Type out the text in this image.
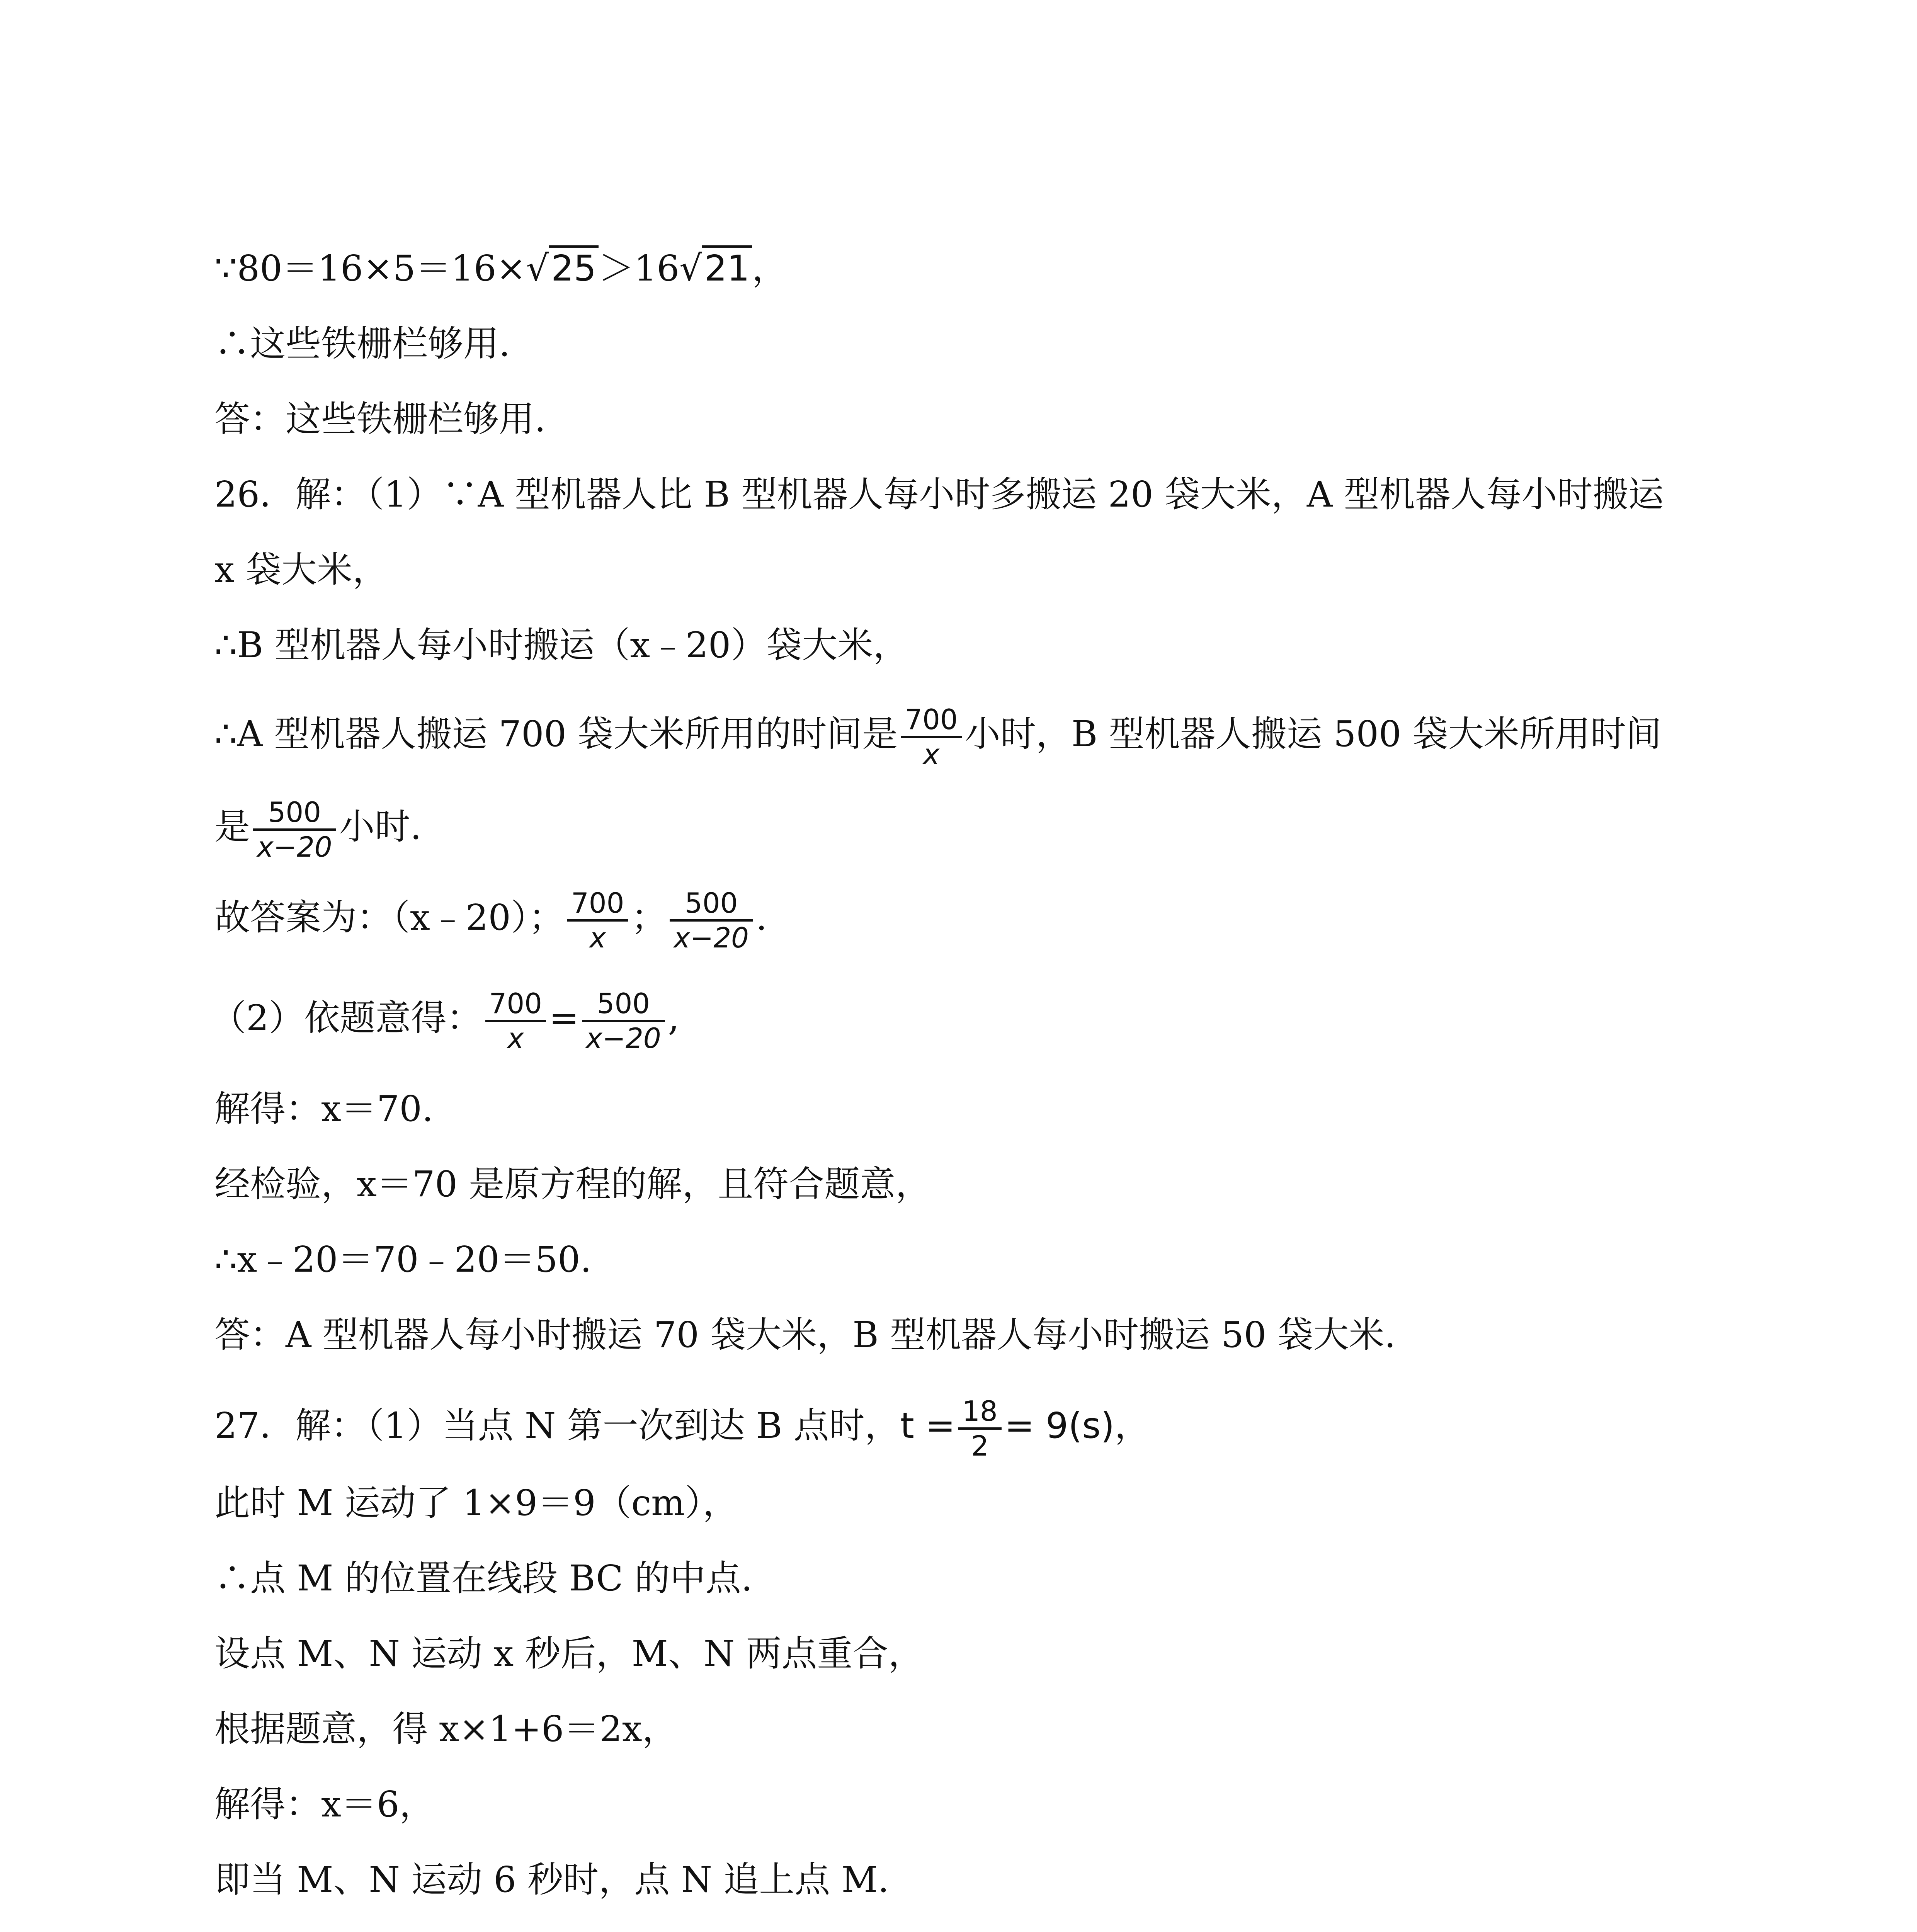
∵80＝16×5＝16×√25＞16√21，
∴这些铁栅栏够用.
答：这些铁栅栏够用.
26．解：（1）∵A 型机器人比 B 型机器人每小时多搬运 20 袋大米，A 型机器人每小时搬运
x 袋大米，
∴B 型机器人每小时搬运（x﹣20）袋大米，
∴A 型机器人搬运 700 袋大米所用的时间是 $\frac{700}{x}$ 小时，B 型机器人搬运 500 袋大米所用时间
是 $\frac{500}{x-20}$ 小时.
故答案为：（x﹣20）； $\frac{700}{x}$ ； $\frac{500}{x-20}$ .
（2）依题意得： $\frac{700}{x} = \frac{500}{x-20}$ ,
解得：x＝70.
经检验，x＝70 是原方程的解，且符合题意，
∴x﹣20＝70﹣20＝50.
答：A 型机器人每小时搬运 70 袋大米，B 型机器人每小时搬运 50 袋大米.
27．解：（1）当点 N 第一次到达 B 点时，$t = \frac{18}{2} = 9(s)$，
此时 M 运动了 1×9＝9（cm），
∴点 M 的位置在线段 BC 的中点.
设点 M、N 运动 x 秒后，M、N 两点重合，
根据题意，得 x×1+6＝2x，
解得：x＝6，
即当 M、N 运动 6 秒时，点 N 追上点 M.
